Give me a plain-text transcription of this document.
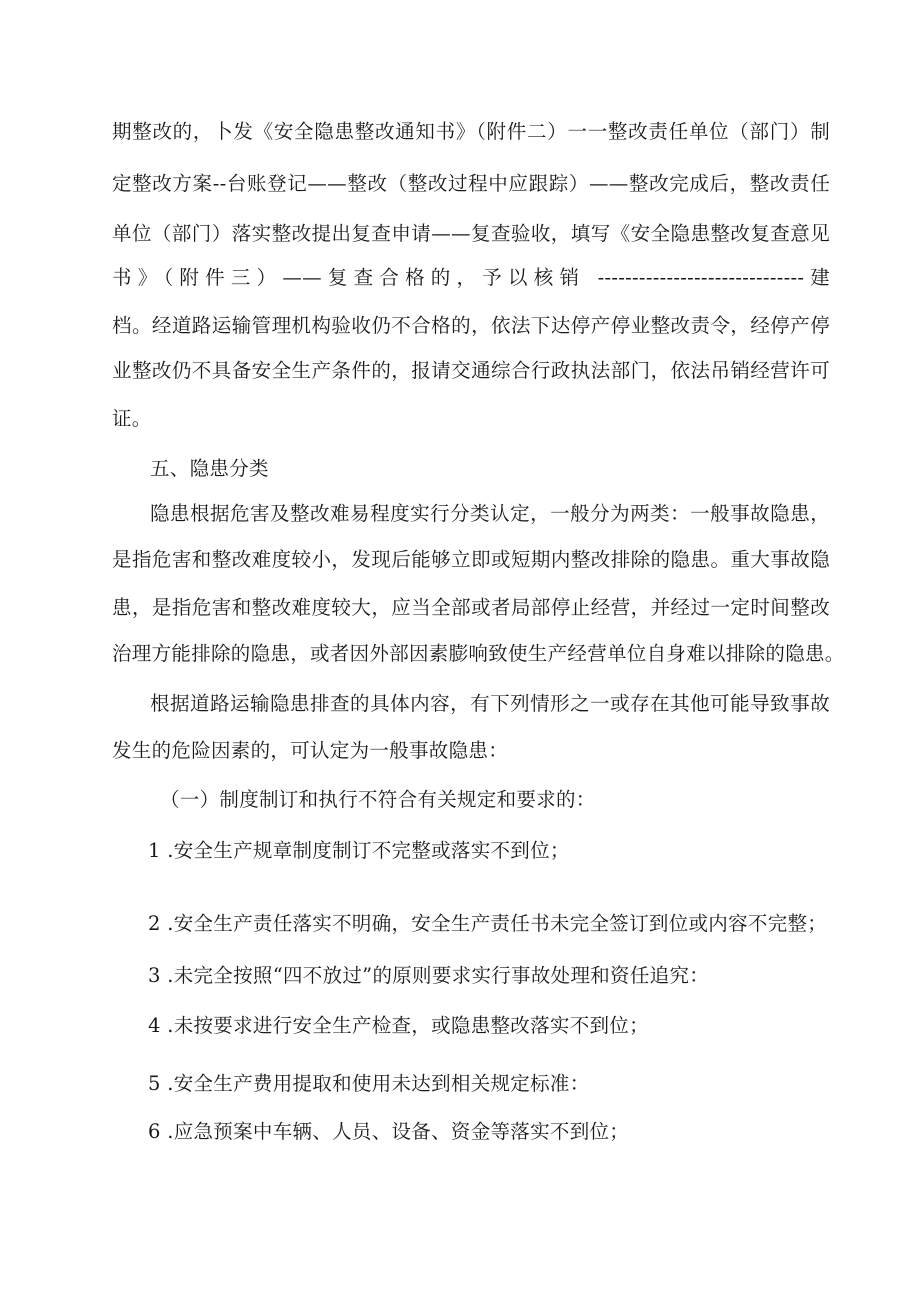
期整改的，卜发《安全隐患整改通知书》（附件二）一一整改责任单位（部门）制
定整改方案--台账登记——整改（整改过程中应跟踪）——整改完成后，整改责任
单位（部门）落实整改提出复查申请——复查验收，填写《安全隐患整改复查意见
书》（附件三）——复查合格的，予以核销 ------------------------------建
档。经道路运输管理机构验收仍不合格的，依法下达停产停业整改责令，经停产停
业整改仍不具备安全生产条件的，报请交通综合行政执法部门，依法吊销经营许可
证。
五、隐患分类
隐患根据危害及整改难易程度实行分类认定，一般分为两类：一般事故隐患，
是指危害和整改难度较小，发现后能够立即或短期内整改排除的隐患。重大事故隐
患，是指危害和整改难度较大，应当全部或者局部停止经营，并经过一定时间整改
治理方能排除的隐患，或者因外部因素膨响致使生产经营单位自身难以排除的隐患。
根据道路运输隐患排查的具体内容，有下列情形之一或存在其他可能导致事故
发生的危险因素的，可认定为一般事故隐患：
（一）制度制订和执行不符合有关规定和要求的：
1 .安全生产规章制度制订不完整或落实不到位；
2 .安全生产责任落实不明确，安全生产责任书未完全签订到位或内容不完整；
3 .未完全按照“四不放过”的原则要求实行事故处理和资任追究：
4 .未按要求进行安全生产检查，或隐患整改落实不到位；
5 .安全生产费用提取和使用未达到相关规定标准：
6 .应急预案中车辆、人员、设备、资金等落实不到位；
